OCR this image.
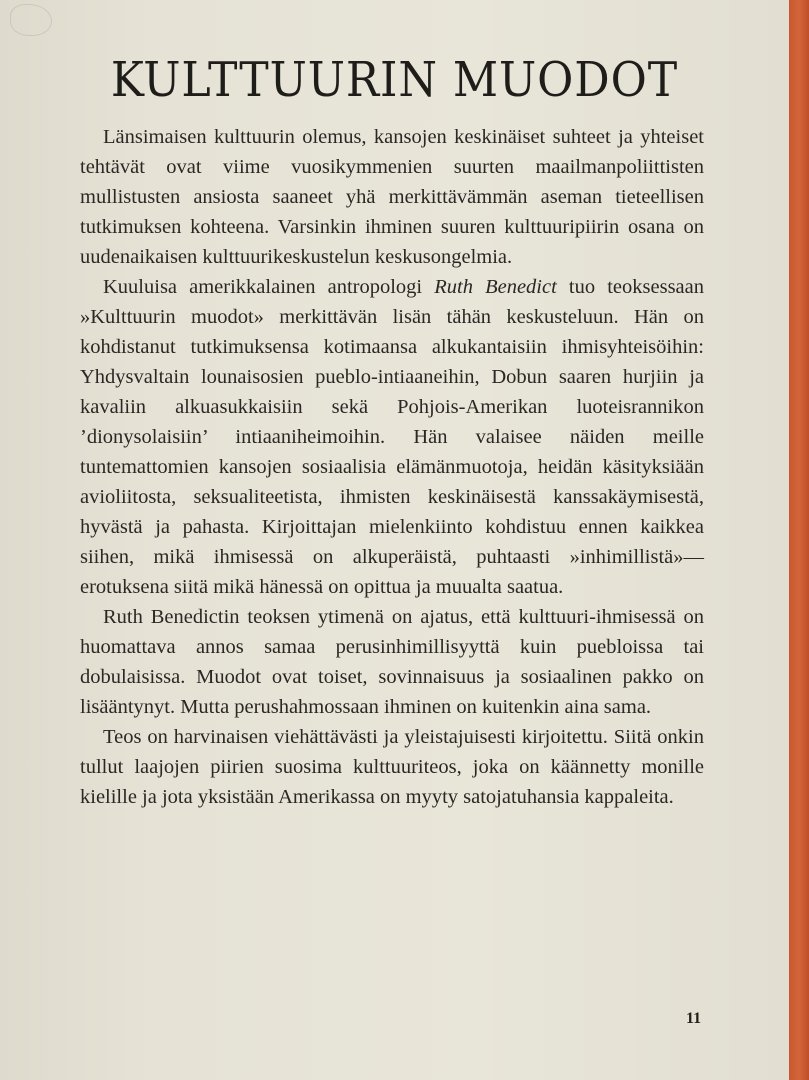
KULTTUURIN MUODOT

Länsimaisen kulttuurin olemus, kansojen keskinäiset suhteet ja yhteiset tehtävät ovat viime vuosikymmenien suurten maailmanpoliittisten mullistusten ansiosta saaneet yhä merkittävämmän aseman tieteellisen tutkimuksen kohteena. Varsinkin ihminen suuren kulttuuripiirin osana on uudenaikaisen kulttuurikeskustelun keskusongelmia.

Kuuluisa amerikkalainen antropologi Ruth Benedict tuo teoksessaan »Kulttuurin muodot» merkittävän lisän tähän keskusteluun. Hän on kohdistanut tutkimuksensa kotimaansa alkukantaisiin ihmisyhteisöihin: Yhdysvaltain lounaisosien pueblo-intiaaneihin, Dobun saaren hurjiin ja kavaliin alkuasukkaisiin sekä Pohjois-Amerikan luoteisrannikon ’dionysolaisiin’ intiaaniheimoihin. Hän valaisee näiden meille tuntemattomien kansojen sosiaalisia elämänmuotoja, heidän käsityksiään avioliitosta, seksualiteetista, ihmisten keskinäisestä kanssakäymisestä, hyvästä ja pahasta. Kirjoittajan mielenkiinto kohdistuu ennen kaikkea siihen, mikä ihmisessä on alkuperäistä, puhtaasti »inhimillistä»— erotuksena siitä mikä hänessä on opittua ja muualta saatua.

Ruth Benedictin teoksen ytimenä on ajatus, että kulttuuri-ihmisessä on huomattava annos samaa perusinhimillisyyttä kuin puebloissa tai dobulaisissa. Muodot ovat toiset, sovinnaisuus ja sosiaalinen pakko on lisääntynyt. Mutta perushahmossaan ihminen on kuitenkin aina sama.

Teos on harvinaisen viehättävästi ja yleistajuisesti kirjoitettu. Siitä onkin tullut laajojen piirien suosima kulttuuriteos, joka on käännetty monille kielille ja jota yksistään Amerikassa on myyty satojatuhansia kappaleita.

11
